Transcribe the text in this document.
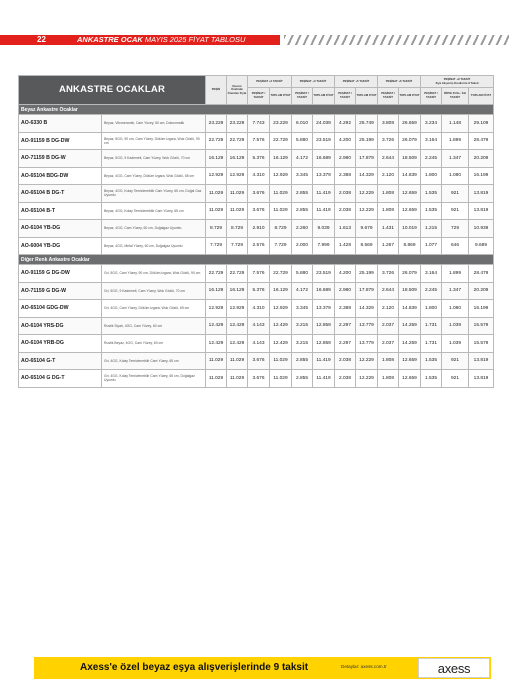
22	ANKASTRE OCAK MAYIS 2025 FİYAT TABLOSU
ANKASTRE OCAKLAR		PEŞİN	Kurum Özelinde Önerilen Fiyat	PEŞİNAT +2 TAKSİT		PEŞİNAT +3 TAKSİT		PEŞİNAT +5 TAKSİT		PEŞİNAT +6 TAKSİT		PEŞİNAT +9 TAKSİT
Ziya Alışveriş Kredisi ile 9 Taksit		
				PEŞİNAT / TAKSİT	TOPLAM FİYAT	PEŞİNAT / TAKSİT	TOPLAM FİYAT	PEŞİNAT / TAKSİT	TOPLAM FİYAT	PEŞİNAT / TAKSİT	TOPLAM FİYAT	PEŞİNAT / TAKSİT	ZİRVE KULL. İLE TAKSİT	TOPLAM FİYAT
Beyaz Ankastre Ocaklar														
AO-6330 B	Beyaz, Vitroseramik, Cam Yüzey, 60 cm, Dokunmatik	23.229	23.229	7.743	23.229	6.010	24.039	4.292	25.749	3.808	26.659	3.234	1.148	29.109
AO-91159 B DG-DW	Beyaz, 5GG, 90 cm, Cam Yüzey, Döküm Izgara, Wok Gözlü, 90 cm	22.729	22.729	7.576	22.729	5.880	23.519	4.200	25.199	3.726	26.079	3.164	1.899	28.479
AO-71159 B DG-W	Beyaz, 5GG, 9 Kademeli, Cam Yüzey, Wok Gözlü, 70 cm	16.129	16.129	5.376	16.129	4.172	16.689	2.980	17.879	2.644	18.509	2.245	1.347	20.209
AO-65104 BDG-DW	Beyaz, 4GG, Cam Yüzey, Döküm Izgara, Wok Gözlü, 65 cm	12.929	12.929	4.310	12.929	3.345	13.379	2.388	14.329	2.120	14.839	1.800	1.080	16.199
AO-65104 B DG-T	Beyaz, 4GG, Kolay Temizlenebilir Cam Yüzey, 65 cm, Doğal Gaz Uyumlu	11.029	11.029	3.676	11.029	2.855	11.419	2.038	12.229	1.808	12.659	1.535	921	13.819
AO-65104 B-T	Beyaz, 4GG, Kolay Temizlenebilir Cam Yüzey, 65 cm	11.029	11.029	3.676	11.029	2.855	11.419	2.038	12.229	1.808	12.659	1.535	921	13.819
AO-6104 YB-DG	Beyaz, 4GG, Cam Yüzey, 60 cm, Doğalgaz Uyumlu	8.729	8.729	2.910	8.729	2.260	9.039	1.613	9.679	1.431	10.019	1.215	729	10.939
AO-6004 YB-DG	Beyaz, 4GG, Metal Yüzey, 60 cm, Doğalgaz Uyumlu	7.729	7.729	2.576	7.729	2.000	7.999	1.428	8.569	1.267	8.869	1.077	646	9.689
Diğer Renk Ankastre Ocaklar														
AO-91159 G DG-DW	Gri, 5GG, Cam Yüzey, 90 cm, Döküm Izgara, Wok Gözlü, 90 cm	22.729	22.729	7.576	22.729	5.880	23.519	4.200	25.199	3.726	26.079	3.164	1.899	28.479
AO-71159 G DG-W	Gri, 5GG, 9 Kademeli, Cam Yüzey, Wok Gözlü, 70 cm	16.129	16.129	5.376	16.129	4.172	16.689	2.980	17.879	2.644	18.509	2.245	1.347	20.209
AO-65104 GDG-DW	Gri, 4GG, Cam Yüzey, Döküm Izgara, Wok Gözlü, 65 cm	12.929	12.929	4.310	12.929	3.345	13.379	2.388	14.329	2.120	14.839	1.800	1.080	16.199
AO-6104 YRS-DG	Rustik Siyah, 4GG, Cam Yüzey, 60 cm	12.429	12.429	4.143	12.429	3.215	12.859	2.297	13.779	2.037	14.259	1.731	1.039	15.579
AO-6104 YRB-DG	Rustik Beyaz, 4GG, Cam Yüzey, 60 cm	12.429	12.429	4.143	12.429	3.215	12.859	2.297	13.779	2.037	14.259	1.731	1.039	15.579
AO-65104 G-T	Gri, 4GG, Kolay Temizlenebilir Cam Yüzey, 65 cm	11.029	11.029	3.676	11.029	2.855	11.419	2.038	12.229	1.808	12.659	1.535	921	13.819
AO-65104 G DG-T	Gri, 4GG, Kolay Temizlenebilir Cam Yüzey, 65 cm, Doğalgaz Uyumlu	11.029	11.029	3.676	11.029	2.855	11.419	2.038	12.229	1.808	12.659	1.535	921	13.819
Axess'e özel beyaz eşya alışverişlerinde 9 taksit	Detaylar: axess.com.tr	axess
